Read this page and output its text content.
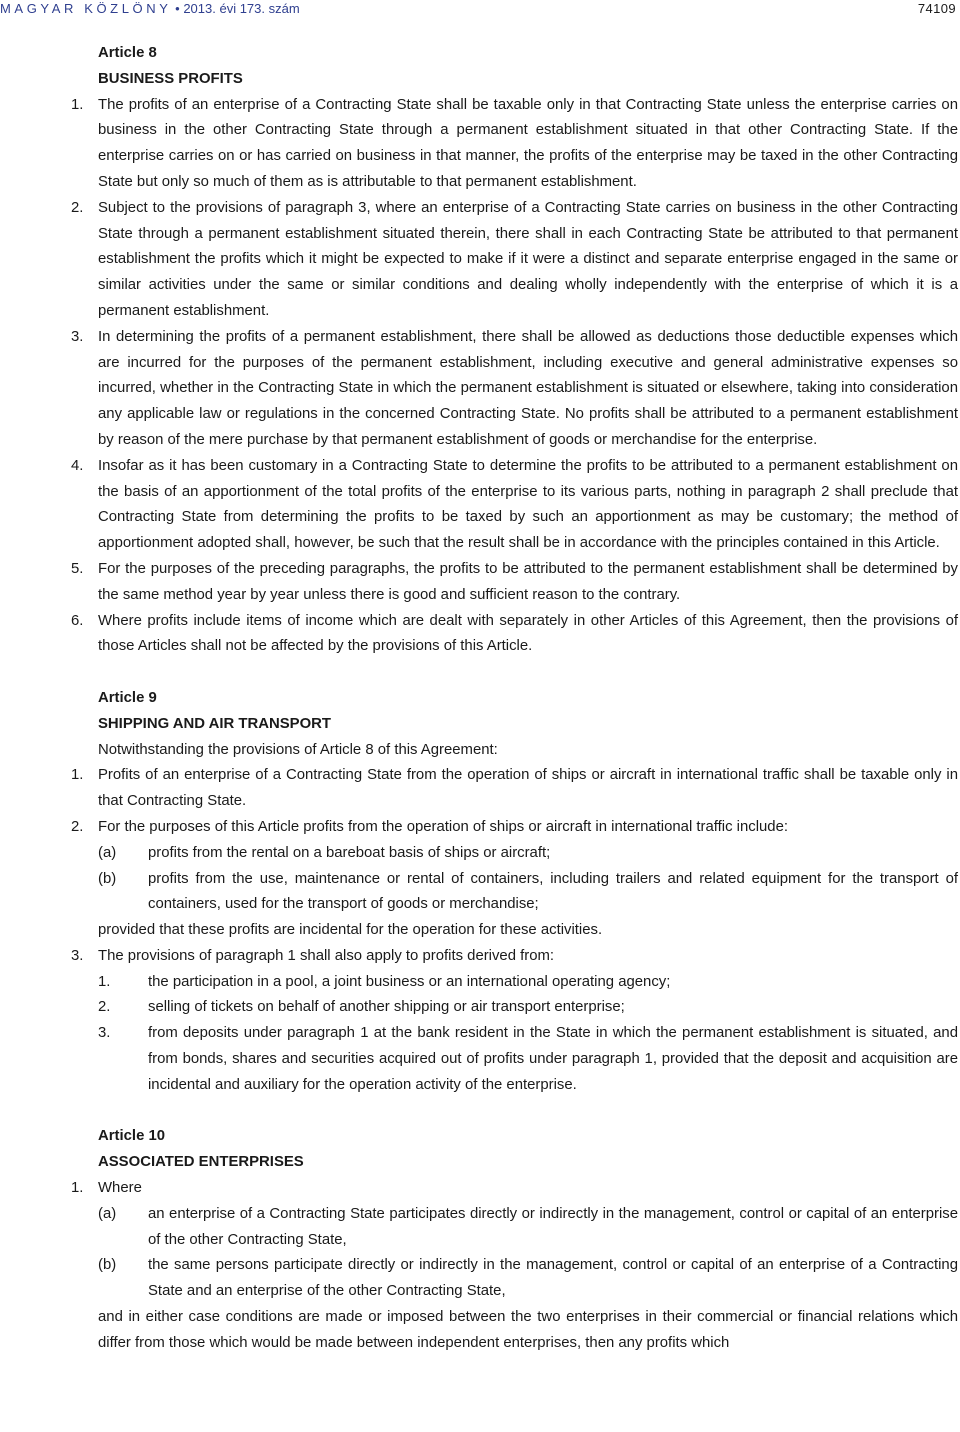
MAGYAR KÖZLÖNY • 2013. évi 173. szám	74109
Article 8
BUSINESS PROFITS
1. The profits of an enterprise of a Contracting State shall be taxable only in that Contracting State unless the enterprise carries on business in the other Contracting State through a permanent establishment situated in that other Contracting State. If the enterprise carries on or has carried on business in that manner, the profits of the enterprise may be taxed in the other Contracting State but only so much of them as is attributable to that permanent establishment.
2. Subject to the provisions of paragraph 3, where an enterprise of a Contracting State carries on business in the other Contracting State through a permanent establishment situated therein, there shall in each Contracting State be attributed to that permanent establishment the profits which it might be expected to make if it were a distinct and separate enterprise engaged in the same or similar activities under the same or similar conditions and dealing wholly independently with the enterprise of which it is a permanent establishment.
3. In determining the profits of a permanent establishment, there shall be allowed as deductions those deductible expenses which are incurred for the purposes of the permanent establishment, including executive and general administrative expenses so incurred, whether in the Contracting State in which the permanent establishment is situated or elsewhere, taking into consideration any applicable law or regulations in the concerned Contracting State. No profits shall be attributed to a permanent establishment by reason of the mere purchase by that permanent establishment of goods or merchandise for the enterprise.
4. Insofar as it has been customary in a Contracting State to determine the profits to be attributed to a permanent establishment on the basis of an apportionment of the total profits of the enterprise to its various parts, nothing in paragraph 2 shall preclude that Contracting State from determining the profits to be taxed by such an apportionment as may be customary; the method of apportionment adopted shall, however, be such that the result shall be in accordance with the principles contained in this Article.
5. For the purposes of the preceding paragraphs, the profits to be attributed to the permanent establishment shall be determined by the same method year by year unless there is good and sufficient reason to the contrary.
6. Where profits include items of income which are dealt with separately in other Articles of this Agreement, then the provisions of those Articles shall not be affected by the provisions of this Article.
Article 9
SHIPPING AND AIR TRANSPORT
Notwithstanding the provisions of Article 8 of this Agreement:
1. Profits of an enterprise of a Contracting State from the operation of ships or aircraft in international traffic shall be taxable only in that Contracting State.
2. For the purposes of this Article profits from the operation of ships or aircraft in international traffic include:
(a) profits from the rental on a bareboat basis of ships or aircraft;
(b) profits from the use, maintenance or rental of containers, including trailers and related equipment for the transport of containers, used for the transport of goods or merchandise;
provided that these profits are incidental for the operation for these activities.
3. The provisions of paragraph 1 shall also apply to profits derived from:
1.	the participation in a pool, a joint business or an international operating agency;
2.	selling of tickets on behalf of another shipping or air transport enterprise;
3.	from deposits under paragraph 1 at the bank resident in the State in which the permanent establishment is situated, and from bonds, shares and securities acquired out of profits under paragraph 1, provided that the deposit and acquisition are incidental and auxiliary for the operation activity of the enterprise.
Article 10
ASSOCIATED ENTERPRISES
1. Where
(a) an enterprise of a Contracting State participates directly or indirectly in the management, control or capital of an enterprise of the other Contracting State,
(b) the same persons participate directly or indirectly in the management, control or capital of an enterprise of a Contracting State and an enterprise of the other Contracting State,
and in either case conditions are made or imposed between the two enterprises in their commercial or financial relations which differ from those which would be made between independent enterprises, then any profits which
